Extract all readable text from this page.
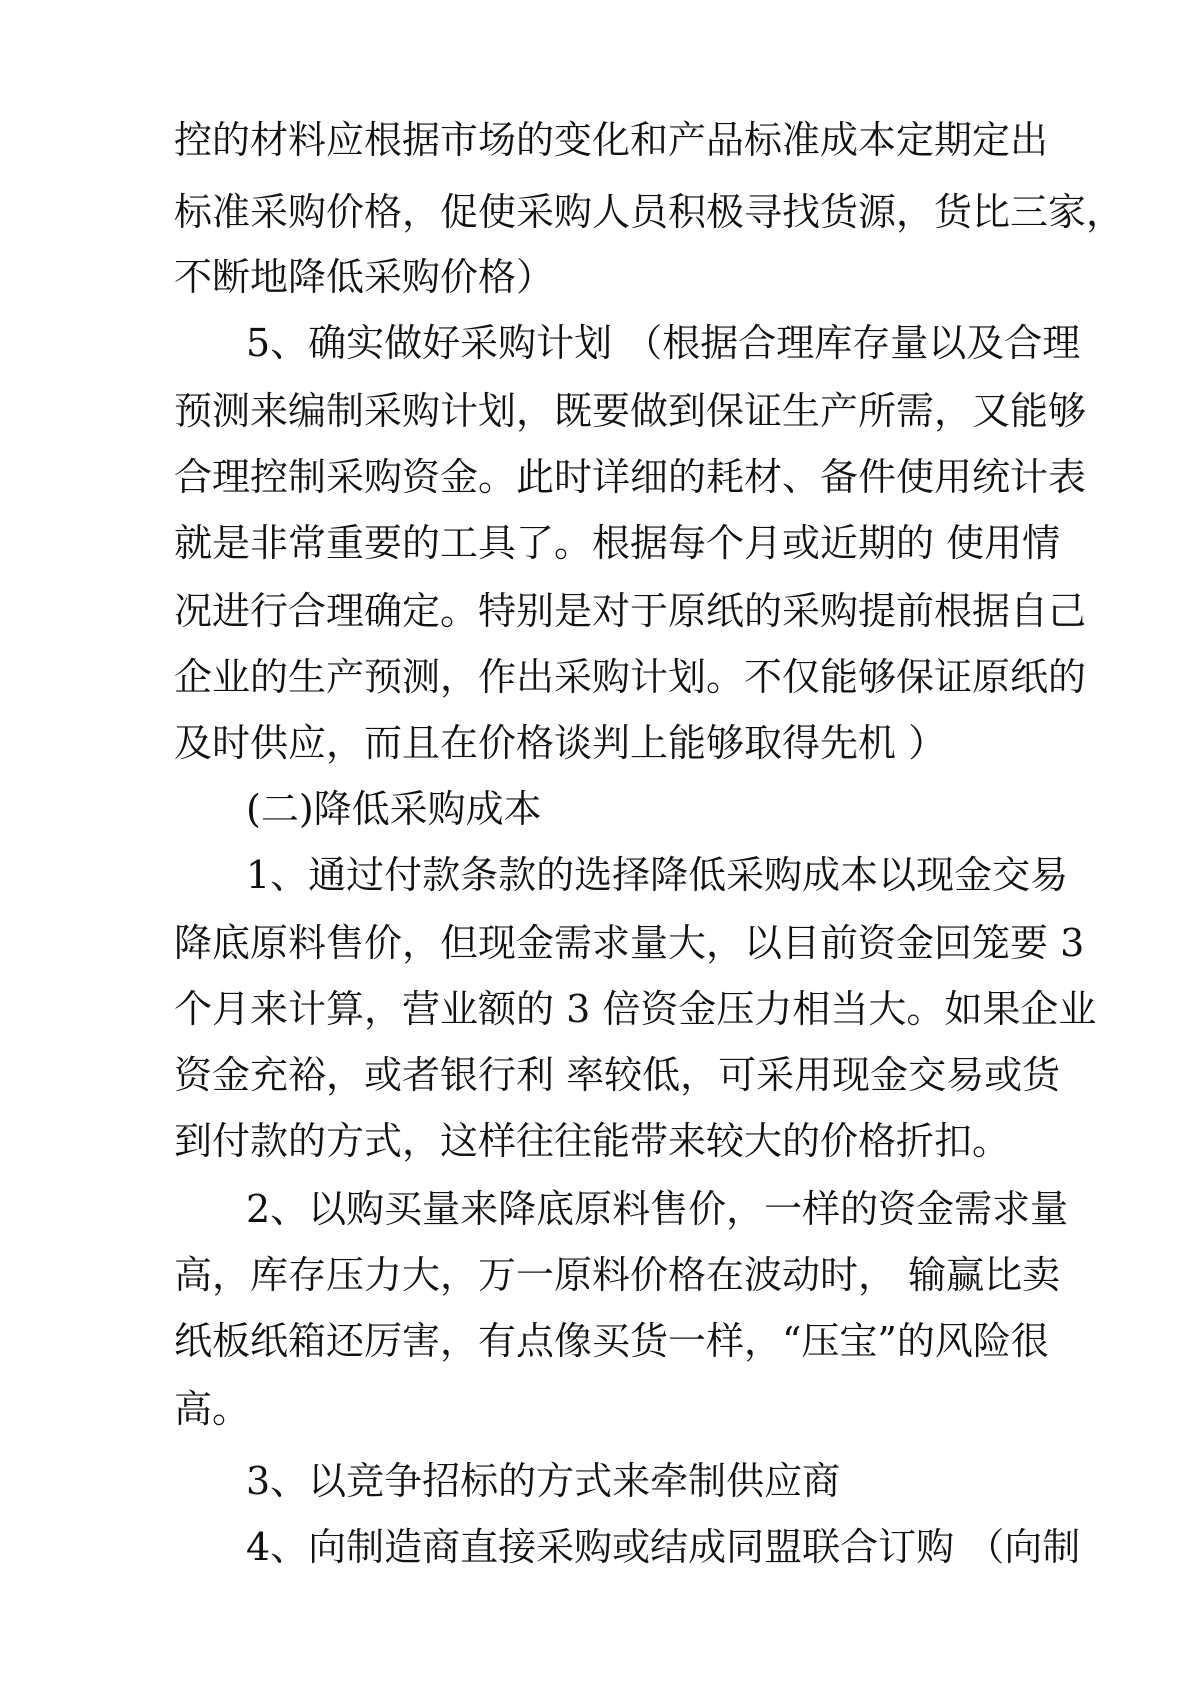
控的材料应根据市场的变化和产品标准成本定期定出
标准采购价格，促使采购人员积极寻找货源，货比三家，
不断地降低采购价格）
5、确实做好采购计划 （根据合理库存量以及合理
预测来编制采购计划，既要做到保证生产所需，又能够
合理控制采购资金。此时详细的耗材、备件使用统计表
就是非常重要的工具了。根据每个月或近期的 使用情
况进行合理确定。特别是对于原纸的采购提前根据自己
企业的生产预测，作出采购计划。不仅能够保证原纸的
及时供应，而且在价格谈判上能够取得先机 ）
(二)降低采购成本
1、通过付款条款的选择降低采购成本以现金交易
降底原料售价，但现金需求量大，以目前资金回笼要 3
个月来计算，营业额的 3 倍资金压力相当大。如果企业
资金充裕，或者银行利 率较低，可采用现金交易或货
到付款的方式，这样往往能带来较大的价格折扣。
2、以购买量来降底原料售价，一样的资金需求量
高，库存压力大，万一原料价格在波动时， 输赢比卖
纸板纸箱还厉害，有点像买货一样，“压宝”的风险很
高。
3、以竞争招标的方式来牵制供应商
4、向制造商直接采购或结成同盟联合订购 （向制
